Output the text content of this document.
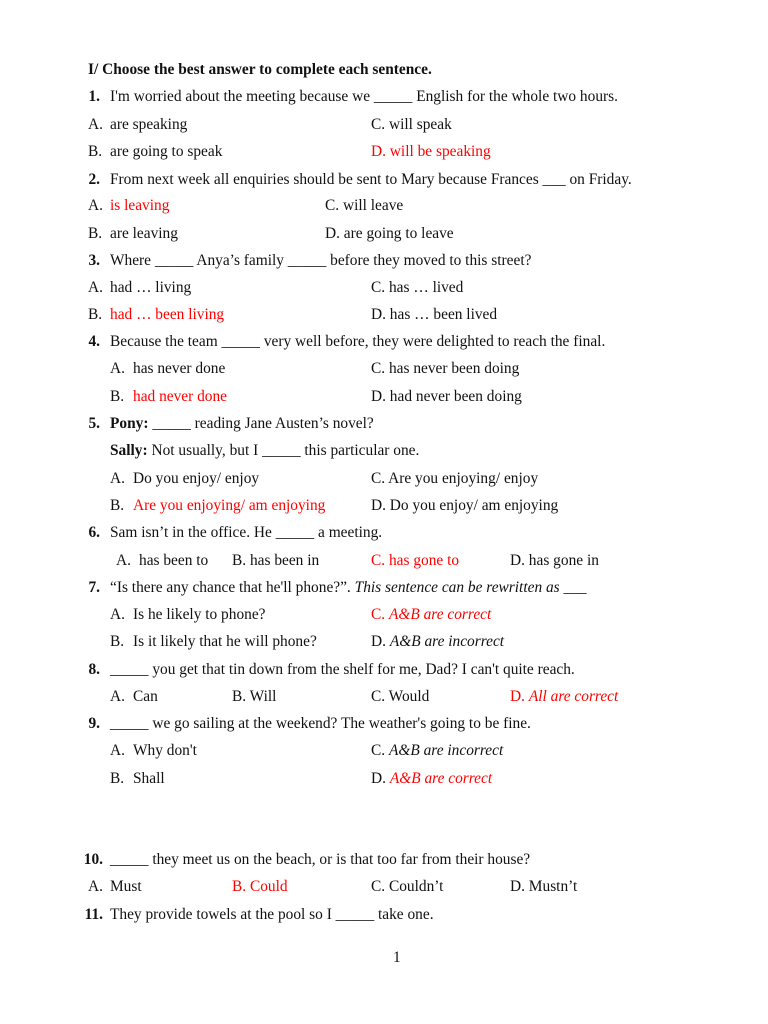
I/ Choose the best answer to complete each sentence.
1. I'm worried about the meeting because we _____ English for the whole two hours.
A. are speaking	C. will speak
B. are going to speak	D. will be speaking
2. From next week all enquiries should be sent to Mary because Frances ___ on Friday.
A. is leaving	C. will leave
B. are leaving	D. are going to leave
3. Where _____ Anya’s family _____ before they moved to this street?
A. had … living	C. has … lived
B. had … been living	D. has … been lived
4. Because the team _____ very well before, they were delighted to reach the final.
A. has never done	C. has never been doing
B. had never done	D. had never been doing
5. Pony: _____ reading Jane Austen’s novel?
Sally: Not usually, but I _____ this particular one.
A. Do you enjoy/ enjoy	C. Are you enjoying/ enjoy
B. Are you enjoying/ am enjoying	D. Do you enjoy/ am enjoying
6. Sam isn’t in the office. He _____ a meeting.
A. has been to B. has been in	C. has gone to	D. has gone in
7. “Is there any chance that he'll phone?”. This sentence can be rewritten as ___
A. Is he likely to phone?	C. A&B are correct
B. Is it likely that he will phone?	D. A&B are incorrect
8. _____ you get that tin down from the shelf for me, Dad? I can't quite reach.
A. Can	B. Will	C. Would	D. All are correct
9. _____ we go sailing at the weekend? The weather's going to be fine.
A. Why don't	C. A&B are incorrect
B. Shall	D. A&B are correct
10. _____ they meet us on the beach, or is that too far from their house?
A. Must	B. Could	C. Couldn’t	D. Mustn’t
11. They provide towels at the pool so I _____ take one.
1
